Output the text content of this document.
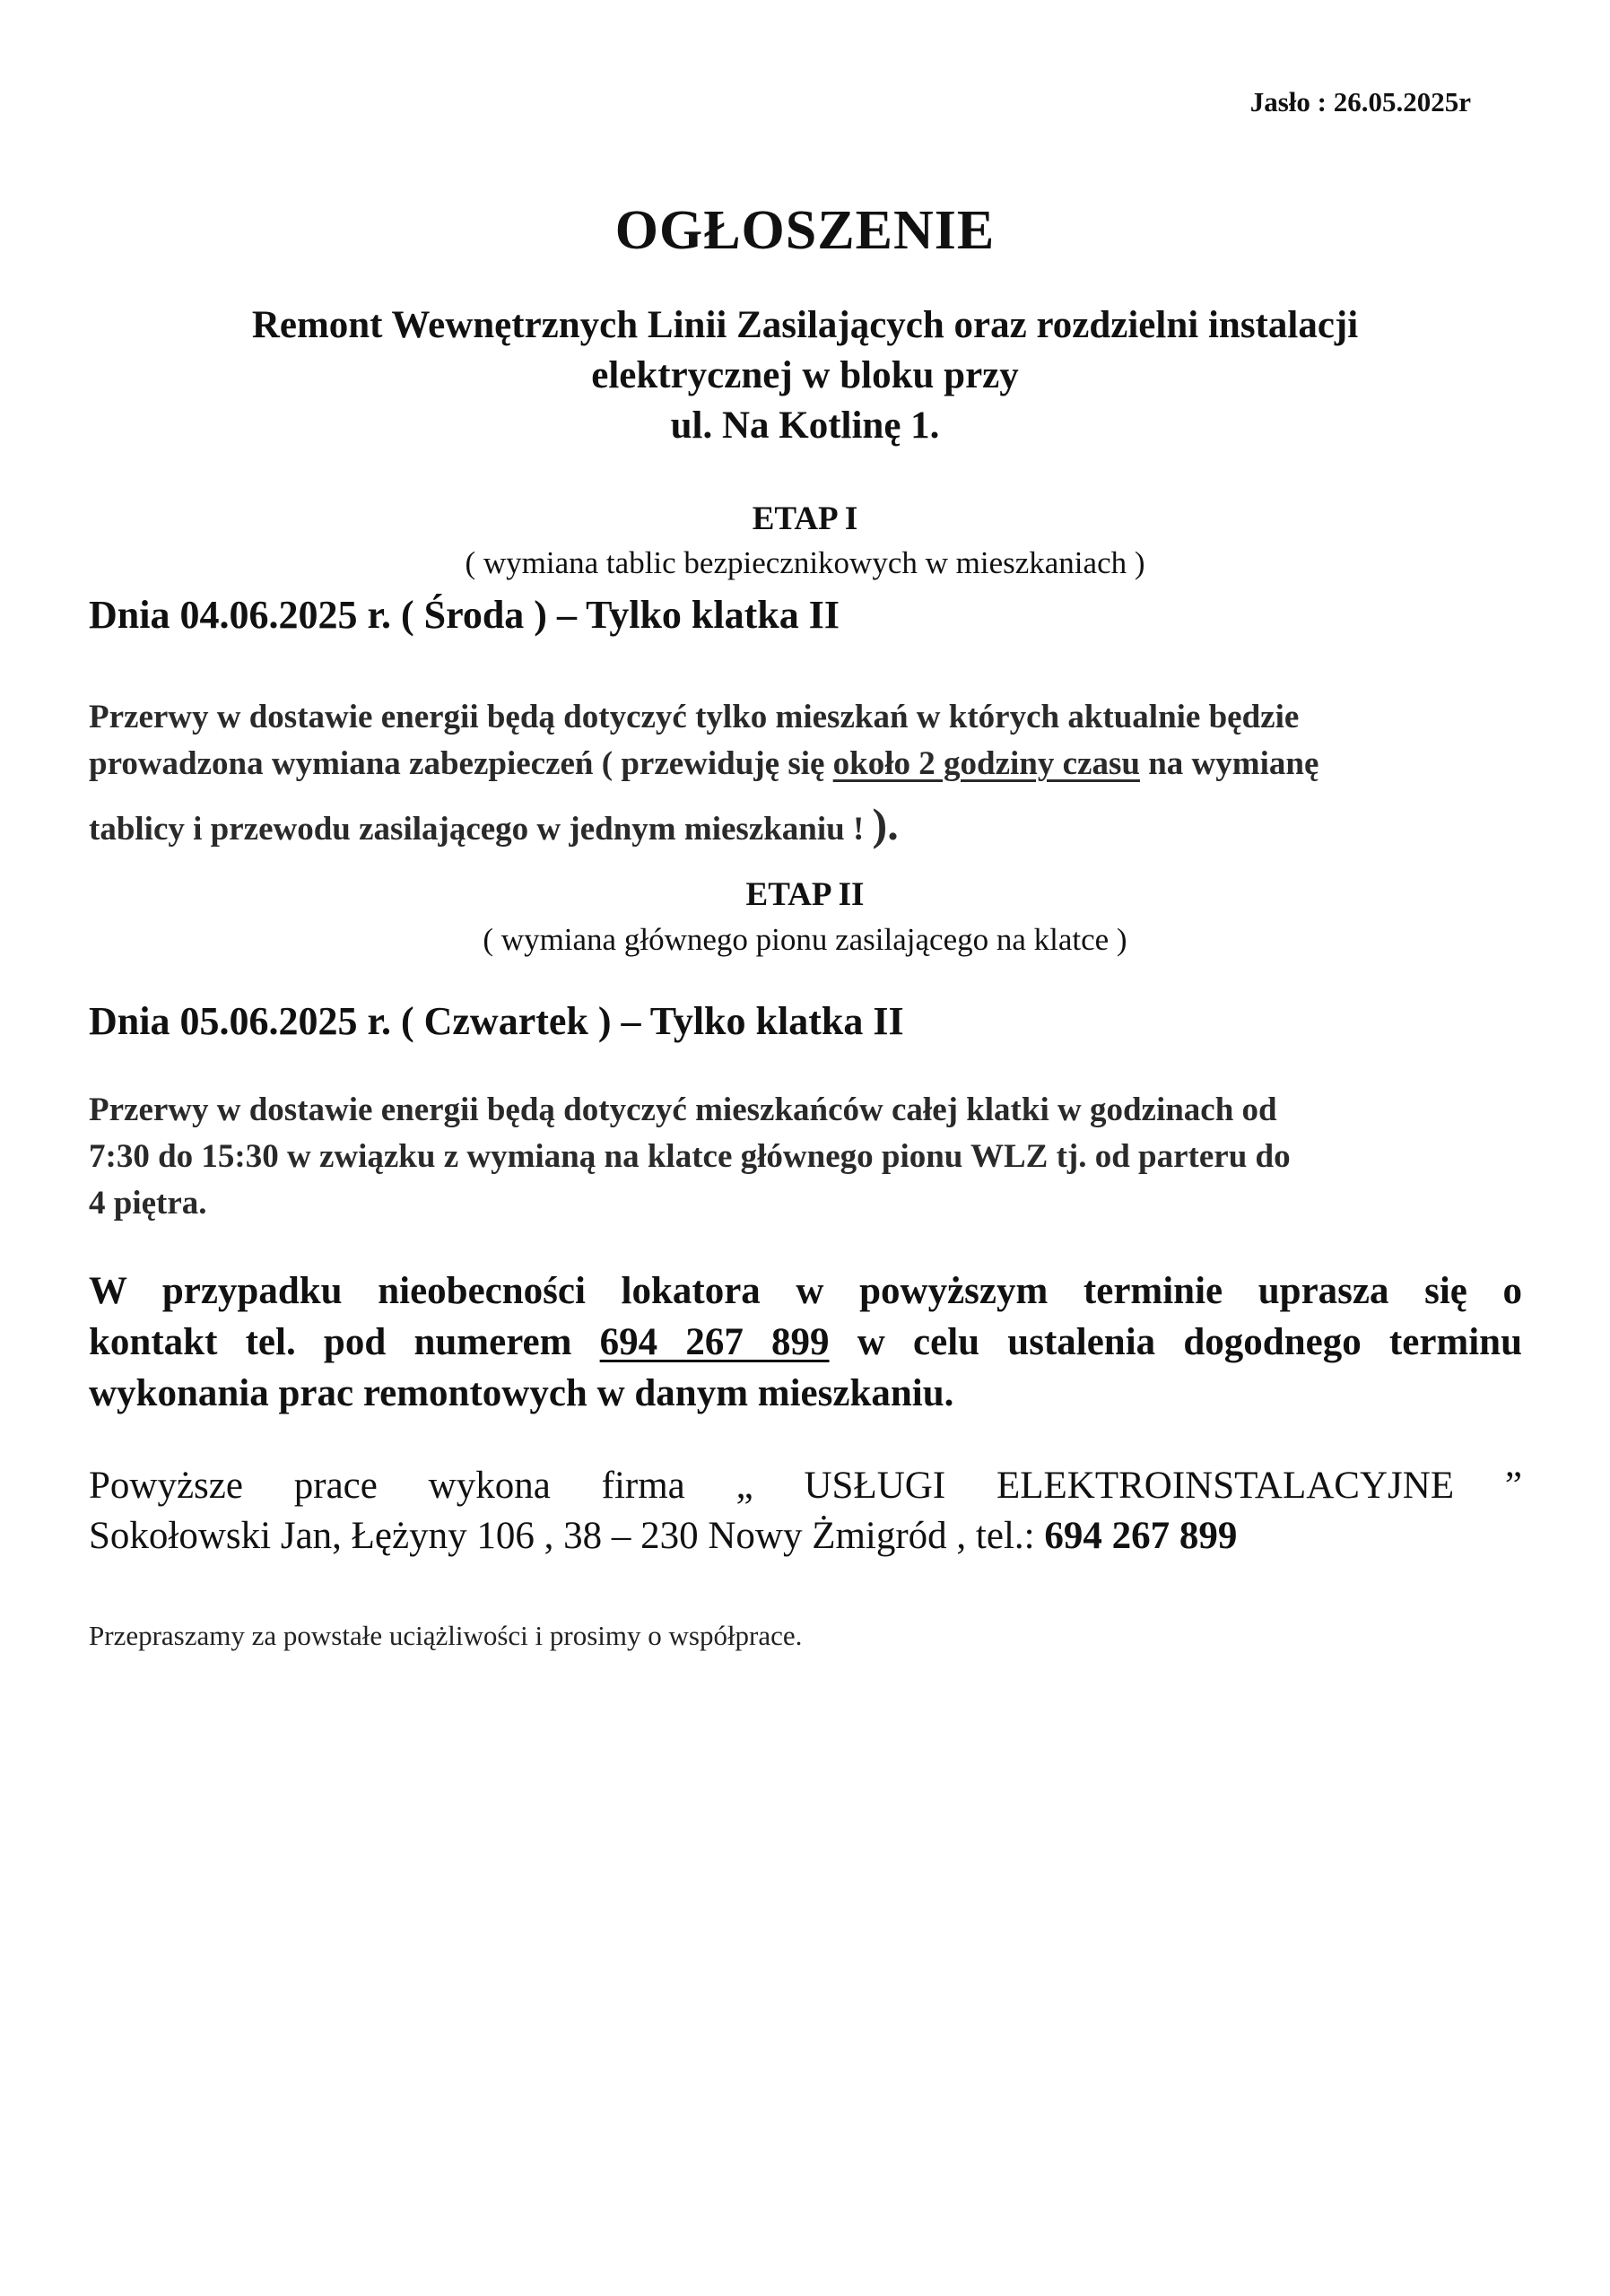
Jasło : 26.05.2025r
OGŁOSZENIE
Remont Wewnętrznych Linii Zasilających oraz rozdzielni instalacji
elektrycznej w bloku przy
ul. Na Kotlinę 1.
ETAP I
( wymiana tablic bezpiecznikowych w mieszkaniach )
Dnia 04.06.2025 r. ( Środa ) – Tylko klatka II
Przerwy w dostawie energii będą dotyczyć tylko mieszkań w których aktualnie będzie
prowadzona wymiana zabezpieczeń ( przewiduję się około 2 godziny czasu na wymianę
tablicy i przewodu zasilającego w jednym mieszkaniu ! ).
ETAP II
( wymiana głównego pionu zasilającego na klatce )
Dnia 05.06.2025 r. ( Czwartek ) – Tylko klatka II
Przerwy w dostawie energii będą dotyczyć mieszkańców całej klatki w godzinach od
7:30 do 15:30 w związku z wymianą na klatce głównego pionu WLZ tj. od parteru do
4 piętra.
W przypadku nieobecności lokatora w powyższym terminie uprasza się o
kontakt tel. pod numerem 694 267 899 w celu ustalenia dogodnego terminu
wykonania prac remontowych w danym mieszkaniu.
Powyższe prace wykona firma „ USŁUGI ELEKTROINSTALACYJNE ”
Sokołowski Jan, Łężyny 106 , 38 – 230 Nowy Żmigród , tel.: 694 267 899
Przepraszamy za powstałe uciążliwości i prosimy o współprace.
